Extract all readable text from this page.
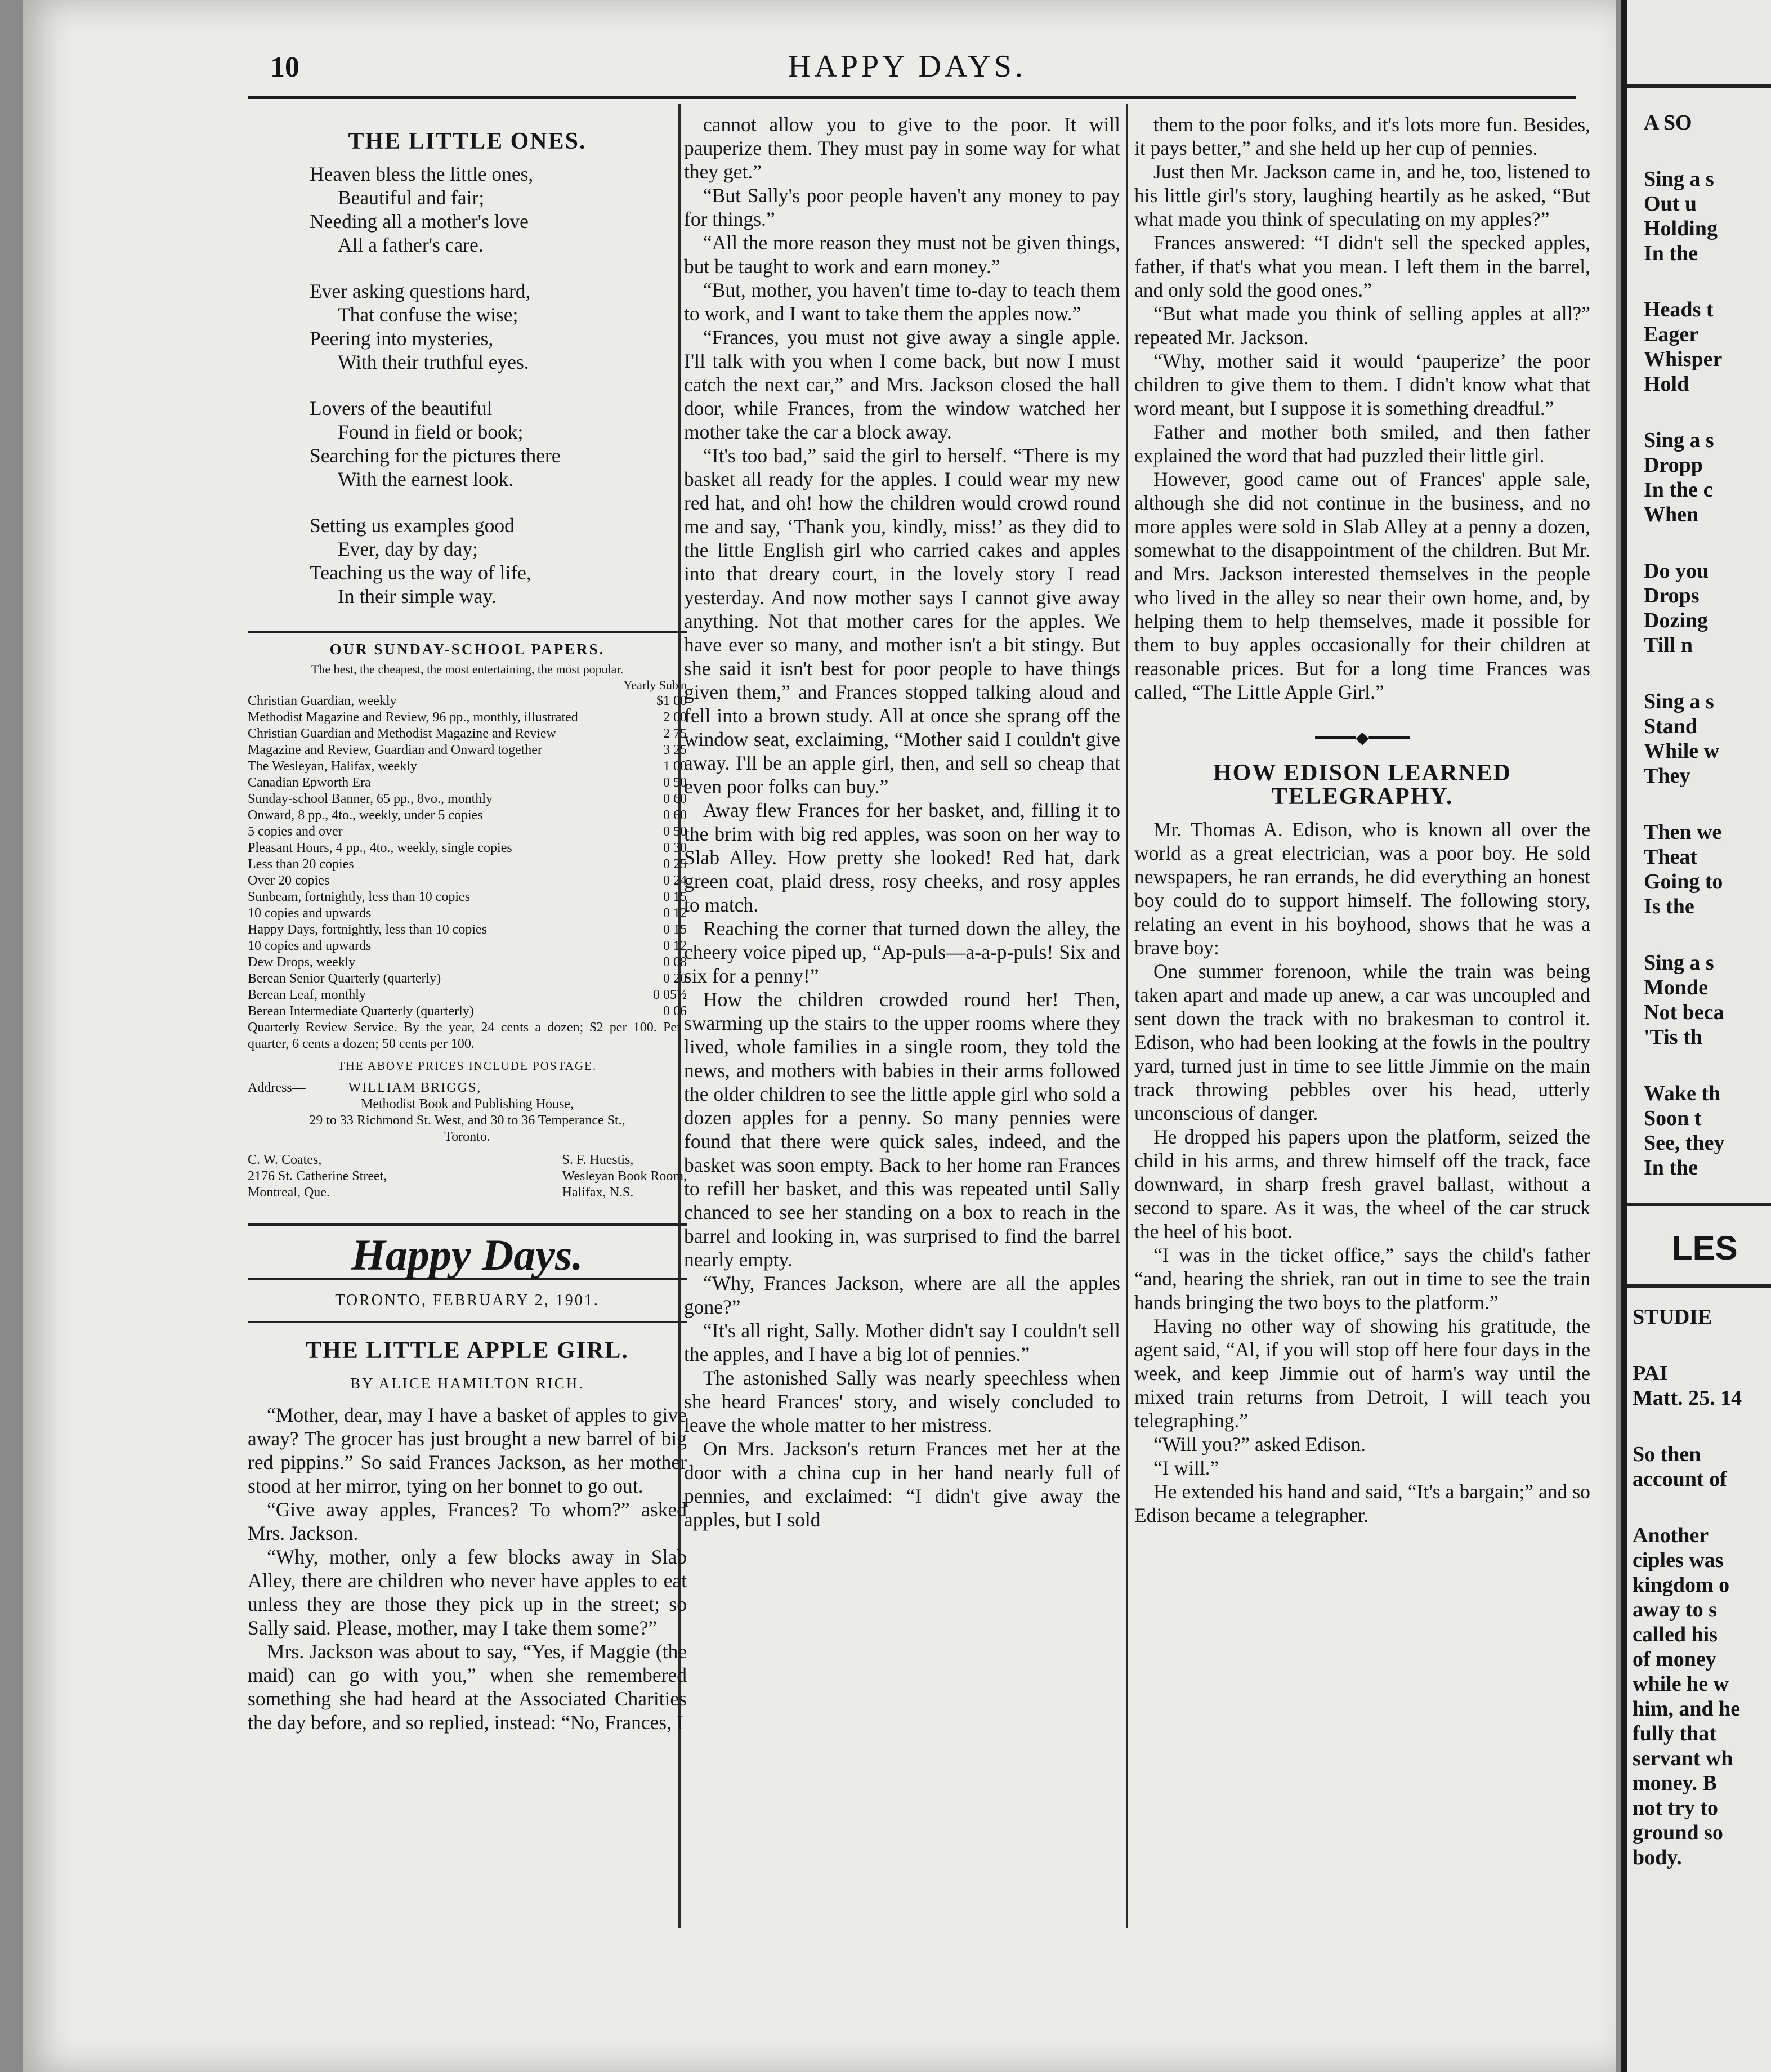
10	HAPPY DAYS.
THE LITTLE ONES.
Heaven bless the little ones,
Beautiful and fair;
Needing all a mother's love
All a father's care.
Ever asking questions hard,
That confuse the wise;
Peering into mysteries,
With their truthful eyes.
Lovers of the beautiful
Found in field or book;
Searching for the pictures there
With the earnest look.
Setting us examples good
Ever, day by day;
Teaching us the way of life,
In their simple way.
OUR SUNDAY-SCHOOL PAPERS.
The best, the cheapest, the most entertaining, the most popular.
Yearly Sub'n
Christian Guardian, weekly	$1 00
Methodist Magazine and Review, 96 pp., monthly, illustrated	2 00
Christian Guardian and Methodist Magazine and Review	2 75
Magazine and Review, Guardian and Onward together	3 25
The Wesleyan, Halifax, weekly	1 00
Canadian Epworth Era	0 50
Sunday-school Banner, 65 pp., 8vo., monthly	0 60
Onward, 8 pp., 4to., weekly, under 5 copies	0 60
5 copies and over	0 50
Pleasant Hours, 4 pp., 4to., weekly, single copies	0 30
Less than 20 copies	0 25
Over 20 copies	0 24
Sunbeam, fortnightly, less than 10 copies	0 15
10 copies and upwards	0 12
Happy Days, fortnightly, less than 10 copies	0 15
10 copies and upwards	0 12
Dew Drops, weekly	0 08
Berean Senior Quarterly (quarterly)	0 20
Berean Leaf, monthly	0 05½
Berean Intermediate Quarterly (quarterly)	0 06
Quarterly Review Service. By the year, 24 cents a dozen; $2 per 100. Per quarter, 6 cents a dozen; 50 cents per 100.
THE ABOVE PRICES INCLUDE POSTAGE.
Address—	WILLIAM BRIGGS,
Methodist Book and Publishing House,
29 to 33 Richmond St. West, and 30 to 36 Temperance St.,
Toronto.
C. W. Coates,
2176 St. Catherine Street,
Montreal, Que.
S. F. Huestis,
Wesleyan Book Room,
Halifax, N.S.
Happy Days.
TORONTO, FEBRUARY 2, 1901.
THE LITTLE APPLE GIRL.
BY ALICE HAMILTON RICH.

“Mother, dear, may I have a basket of apples to give away? The grocer has just brought a new barrel of big red pippins.” So said Frances Jackson, as her mother stood at her mirror, tying on her bonnet to go out.

“Give away apples, Frances? To whom?” asked Mrs. Jackson.

“Why, mother, only a few blocks away in Slab Alley, there are children who never have apples to eat unless they are those they pick up in the street; so Sally said. Please, mother, may I take them some?”

Mrs. Jackson was about to say, “Yes, if Maggie (the maid) can go with you,” when she remembered something she had heard at the Associated Charities the day before, and so replied, instead: “No, Frances, I

cannot allow you to give to the poor. It will pauperize them. They must pay in some way for what they get.”

“But Sally's poor people haven't any money to pay for things.”

“All the more reason they must not be given things, but be taught to work and earn money.”

“But, mother, you haven't time to-day to teach them to work, and I want to take them the apples now.”

“Frances, you must not give away a single apple. I'll talk with you when I come back, but now I must catch the next car,” and Mrs. Jackson closed the hall door, while Frances, from the window watched her mother take the car a block away.

“It's too bad,” said the girl to herself. “There is my basket all ready for the apples. I could wear my new red hat, and oh! how the children would crowd round me and say, ‘Thank you, kindly, miss!’ as they did to the little English girl who carried cakes and apples into that dreary court, in the lovely story I read yesterday. And now mother says I cannot give away anything. Not that mother cares for the apples. We have ever so many, and mother isn't a bit stingy. But she said it isn't best for poor people to have things given them,” and Frances stopped talking aloud and fell into a brown study. All at once she sprang off the window seat, exclaiming, “Mother said I couldn't give away. I'll be an apple girl, then, and sell so cheap that even poor folks can buy.”

Away flew Frances for her basket, and, filling it to the brim with big red apples, was soon on her way to Slab Alley. How pretty she looked! Red hat, dark green coat, plaid dress, rosy cheeks, and rosy apples to match.

Reaching the corner that turned down the alley, the cheery voice piped up, “Ap-puls—a-a-p-puls! Six and six for a penny!”

How the children crowded round her! Then, swarming up the stairs to the upper rooms where they lived, whole families in a single room, they told the news, and mothers with babies in their arms followed the older children to see the little apple girl who sold a dozen apples for a penny. So many pennies were found that there were quick sales, indeed, and the basket was soon empty. Back to her home ran Frances to refill her basket, and this was repeated until Sally chanced to see her standing on a box to reach in the barrel and looking in, was surprised to find the barrel nearly empty.

“Why, Frances Jackson, where are all the apples gone?”

“It's all right, Sally. Mother didn't say I couldn't sell the apples, and I have a big lot of pennies.”

The astonished Sally was nearly speechless when she heard Frances' story, and wisely concluded to leave the whole matter to her mistress.

On Mrs. Jackson's return Frances met her at the door with a china cup in her hand nearly full of pennies, and exclaimed: “I didn't give away the apples, but I sold

them to the poor folks, and it's lots more fun. Besides, it pays better,” and she held up her cup of pennies.

Just then Mr. Jackson came in, and he, too, listened to his little girl's story, laughing heartily as he asked, “But what made you think of speculating on my apples?”

Frances answered: “I didn't sell the specked apples, father, if that's what you mean. I left them in the barrel, and only sold the good ones.”

“But what made you think of selling apples at all?” repeated Mr. Jackson.

“Why, mother said it would ‘pauperize’ the poor children to give them to them. I didn't know what that word meant, but I suppose it is something dreadful.”

Father and mother both smiled, and then father explained the word that had puzzled their little girl.

However, good came out of Frances' apple sale, although she did not continue in the business, and no more apples were sold in Slab Alley at a penny a dozen, somewhat to the disappointment of the children. But Mr. and Mrs. Jackson interested themselves in the people who lived in the alley so near their own home, and, by helping them to help themselves, made it possible for them to buy apples occasionally for their children at reasonable prices. But for a long time Frances was called, “The Little Apple Girl.”

━━━━◆━━━━
HOW EDISON LEARNED TELEGRAPHY.

Mr. Thomas A. Edison, who is known all over the world as a great electrician, was a poor boy. He sold newspapers, he ran errands, he did everything an honest boy could do to support himself. The following story, relating an event in his boyhood, shows that he was a brave boy:

One summer forenoon, while the train was being taken apart and made up anew, a car was uncoupled and sent down the track with no brakesman to control it. Edison, who had been looking at the fowls in the poultry yard, turned just in time to see little Jimmie on the main track throwing pebbles over his head, utterly unconscious of danger.

He dropped his papers upon the platform, seized the child in his arms, and threw himself off the track, face downward, in sharp fresh gravel ballast, without a second to spare. As it was, the wheel of the car struck the heel of his boot.

“I was in the ticket office,” says the child's father “and, hearing the shriek, ran out in time to see the train hands bringing the two boys to the platform.”

Having no other way of showing his gratitude, the agent said, “Al, if you will stop off here four days in the week, and keep Jimmie out of harm's way until the mixed train returns from Detroit, I will teach you telegraphing.”

“Will you?” asked Edison.

“I will.”

He extended his hand and said, “It's a bargain;” and so Edison became a telegrapher.

A SO
Sing a s
Out u
Holding
In the
Heads t
Eager
Whisper
Hold
Sing a s
Dropp
In the c
When
Do you
Drops
Dozing
Till n
Sing a s
Stand
While w
They
Then we
Theat
Going to
Is the
Sing a s
Monde
Not beca
'Tis th
Wake th
Soon t
See, they
In the
LES
STUDIE
PAI
Matt. 25. 14
So then
account of
Another
ciples was
kingdom o
away to s
called his
of money
while he w
him, and he
fully that
servant wh
money. B
not try to
ground so
body.
